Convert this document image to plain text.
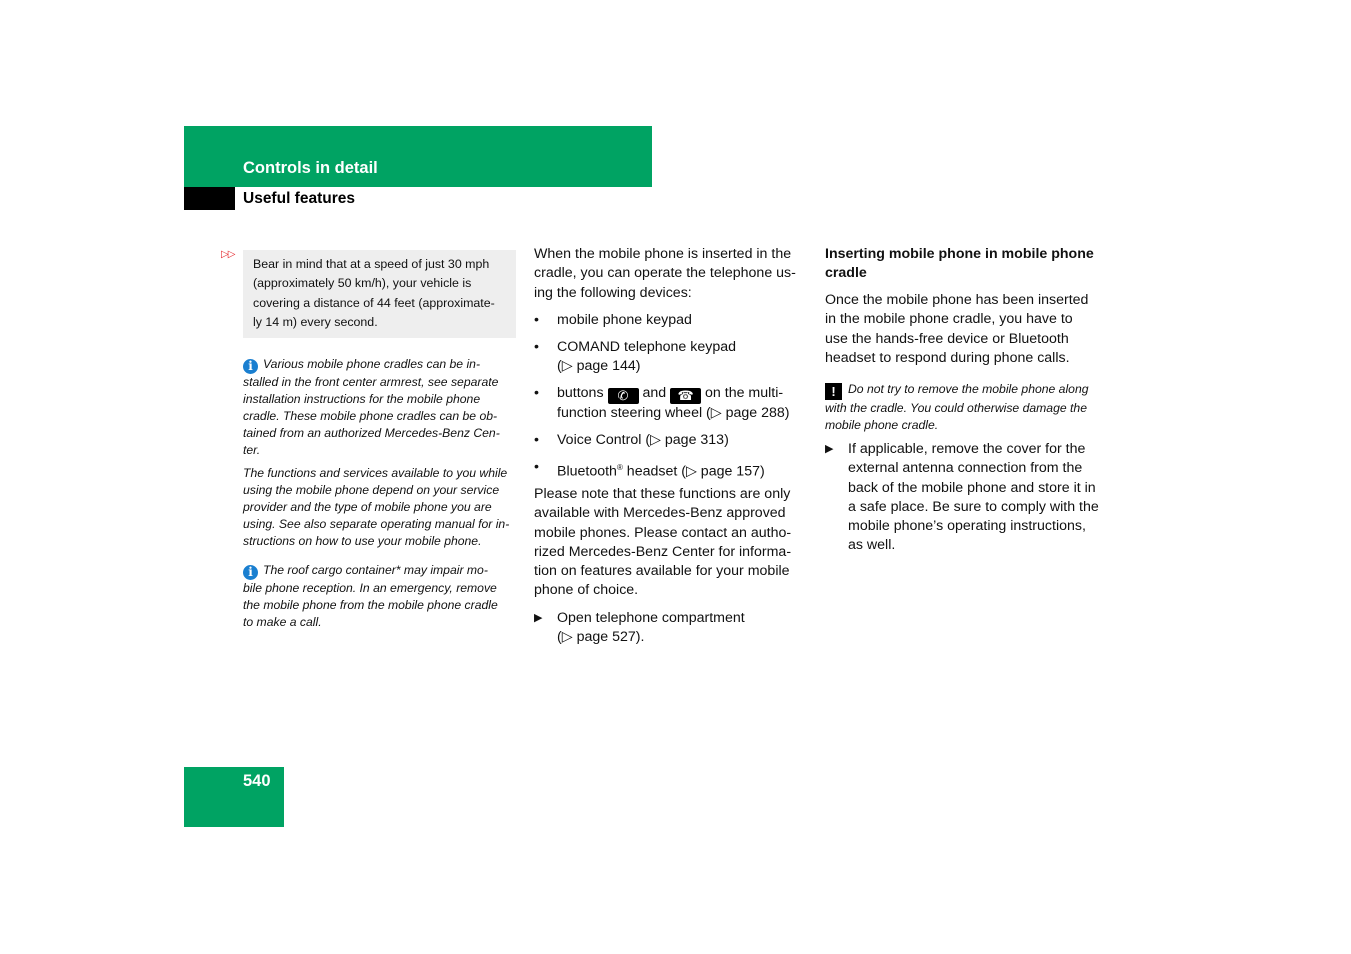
Controls in detail
Useful features
▷▷
Bear in mind that at a speed of just 30 mph
(approximately 50 km/h), your vehicle is
covering a distance of 44 feet (approximate-
ly 14 m) every second.
i Various mobile phone cradles can be in-
stalled in the front center armrest, see separate
installation instructions for the mobile phone
cradle. These mobile phone cradles can be ob-
tained from an authorized Mercedes-Benz Cen-
ter.
The functions and services available to you while
using the mobile phone depend on your service
provider and the type of mobile phone you are
using. See also separate operating manual for in-
structions on how to use your mobile phone.
i The roof cargo container* may impair mo-
bile phone reception. In an emergency, remove
the mobile phone from the mobile phone cradle
to make a call.
When the mobile phone is inserted in the
cradle, you can operate the telephone us-
ing the following devices:
• mobile phone keypad
• COMAND telephone keypad
(▷ page 144)
• buttons ✆ and ☎ on the multi-
function steering wheel (▷ page 288)
• Voice Control (▷ page 313)
• Bluetooth® headset (▷ page 157)
Please note that these functions are only
available with Mercedes-Benz approved
mobile phones. Please contact an autho-
rized Mercedes-Benz Center for informa-
tion on features available for your mobile
phone of choice.
▶ Open telephone compartment
(▷ page 527).
Inserting mobile phone in mobile phone
cradle
Once the mobile phone has been inserted
in the mobile phone cradle, you have to
use the hands-free device or Bluetooth
headset to respond during phone calls.
! Do not try to remove the mobile phone along
with the cradle. You could otherwise damage the
mobile phone cradle.
▶ If applicable, remove the cover for the
external antenna connection from the
back of the mobile phone and store it in
a safe place. Be sure to comply with the
mobile phone’s operating instructions,
as well.
540
